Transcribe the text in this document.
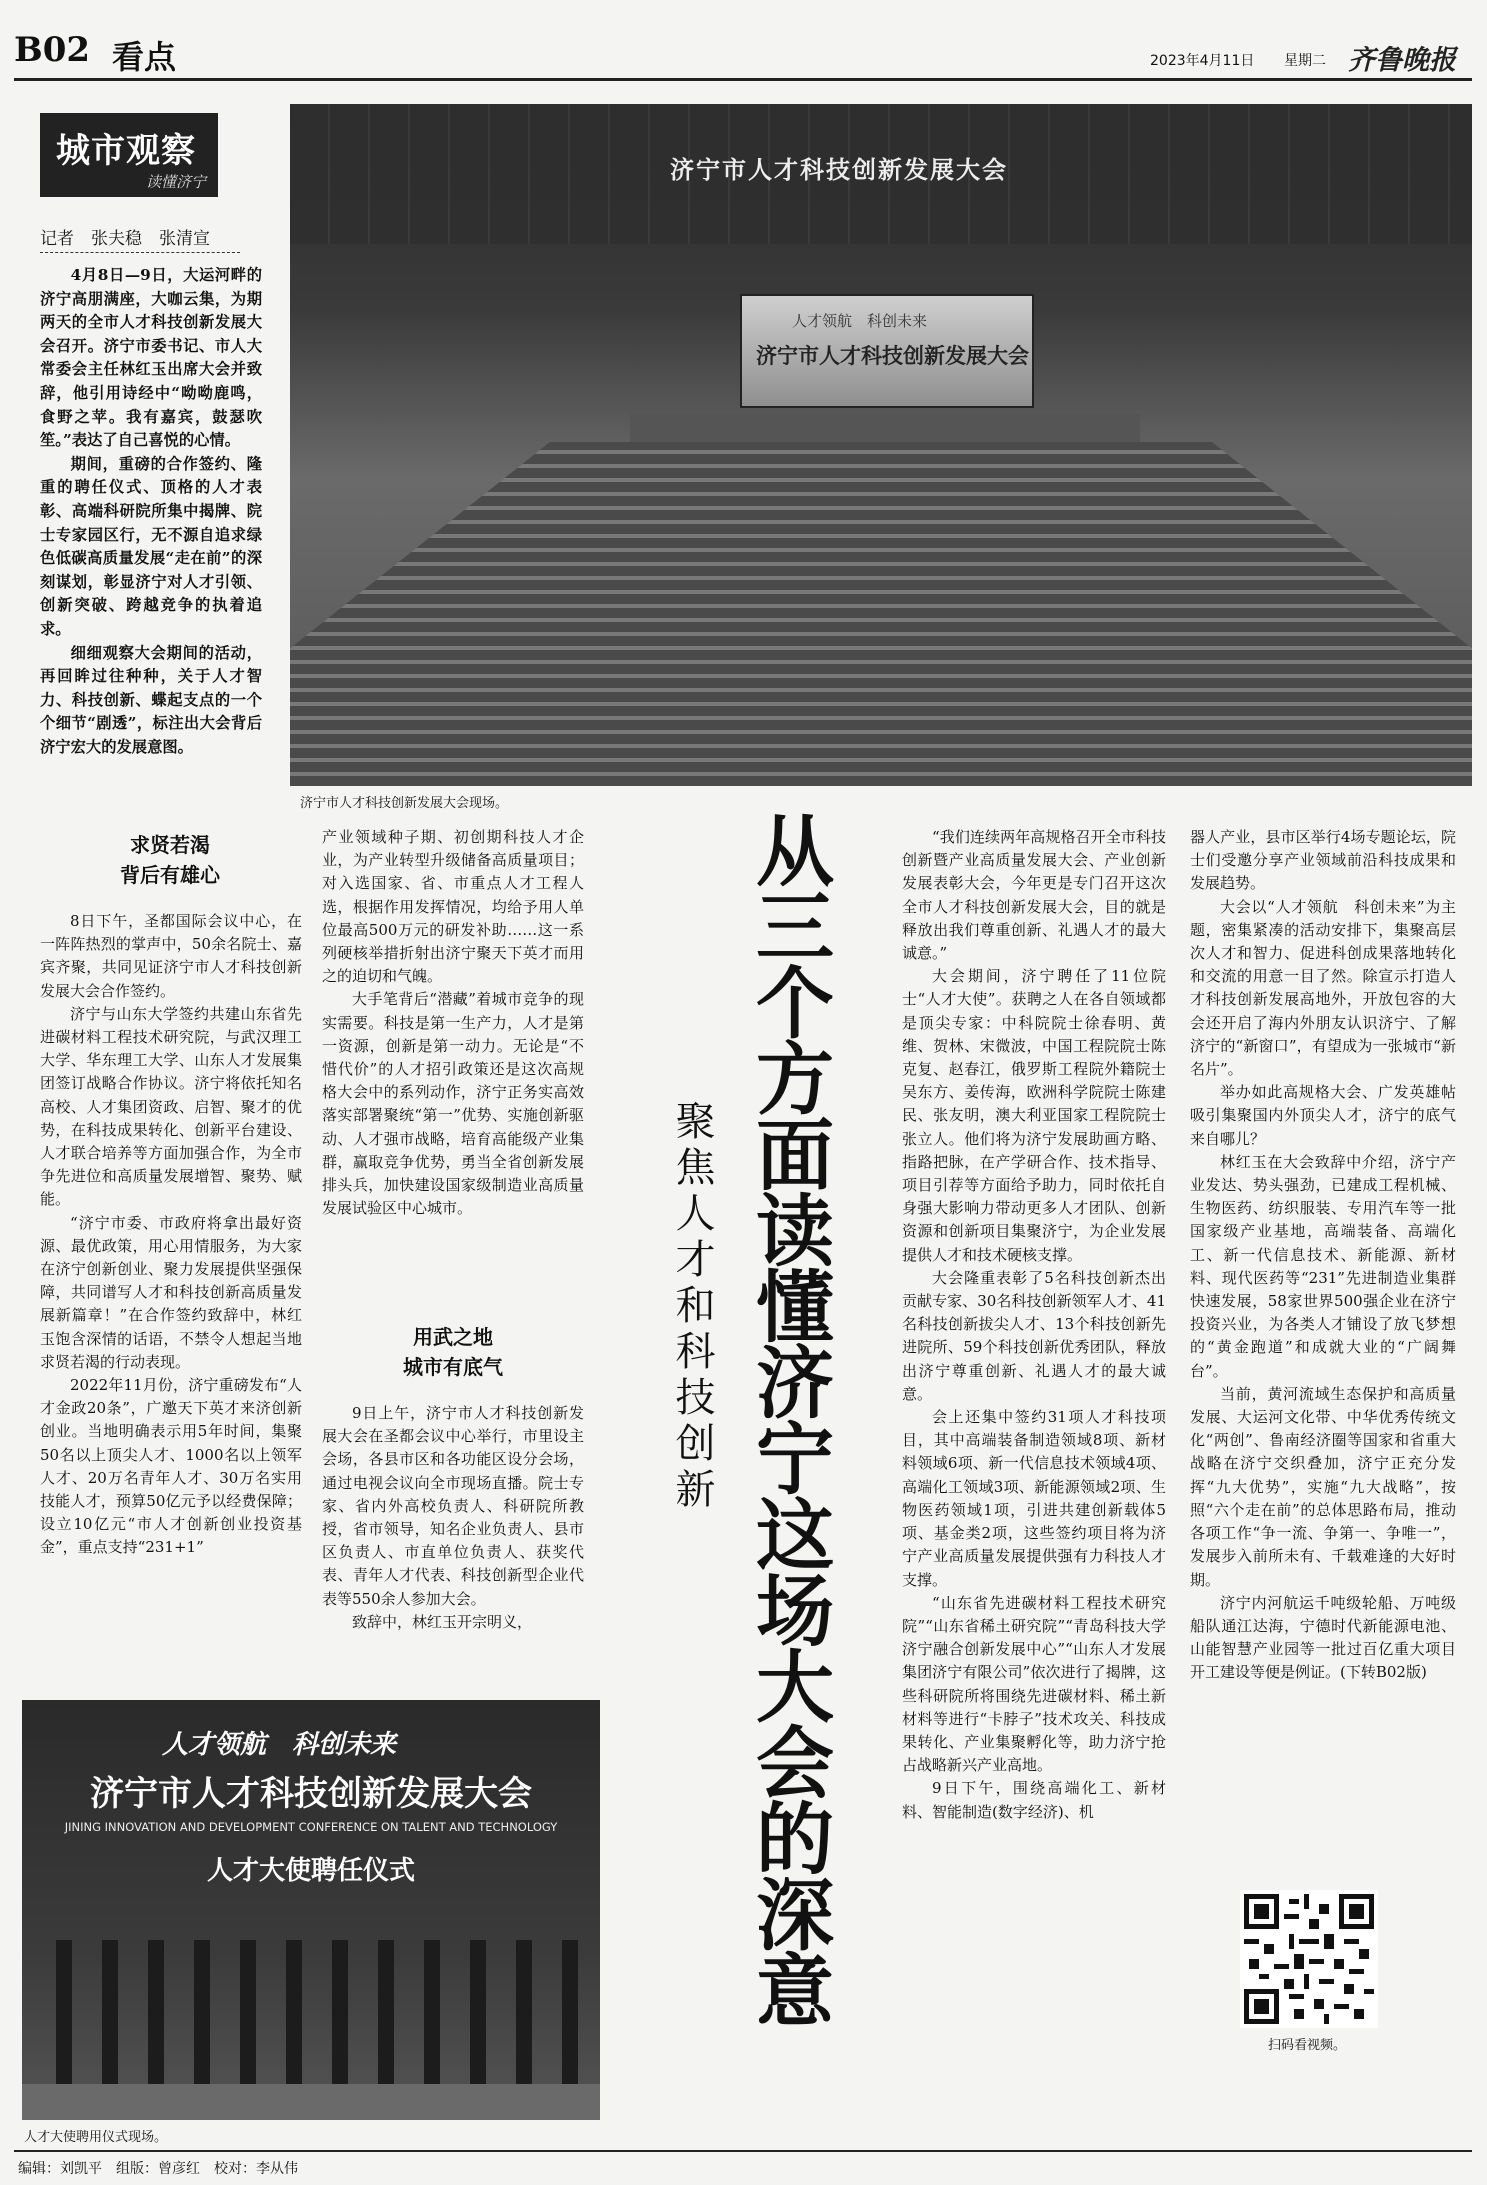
B02 看点	2023年4月11日 星期二 齐鲁晚报
城市观察
读懂济宁
记者　张夫稳　张清宣

4月8日—9日，大运河畔的济宁高朋满座，大咖云集，为期两天的全市人才科技创新发展大会召开。济宁市委书记、市人大常委会主任林红玉出席大会并致辞，他引用诗经中“呦呦鹿鸣，食野之苹。我有嘉宾，鼓瑟吹笙。”表达了自己喜悦的心情。

期间，重磅的合作签约、隆重的聘任仪式、顶格的人才表彰、高端科研院所集中揭牌、院士专家园区行，无不源自追求绿色低碳高质量发展“走在前”的深刻谋划，彰显济宁对人才引领、创新突破、跨越竞争的执着追求。

细细观察大会期间的活动，再回眸过往种种，关于人才智力、科技创新、蝶起支点的一个个细节“剧透”，标注出大会背后济宁宏大的发展意图。

济宁市人才科技创新发展大会
人才领航　科创未来
济宁市人才科技创新发展大会
济宁市人才科技创新发展大会现场。
求贤若渴
背后有雄心

8日下午，圣都国际会议中心，在一阵阵热烈的掌声中，50余名院士、嘉宾齐聚，共同见证济宁市人才科技创新发展大会合作签约。

济宁与山东大学签约共建山东省先进碳材料工程技术研究院，与武汉理工大学、华东理工大学、山东人才发展集团签订战略合作协议。济宁将依托知名高校、人才集团资政、启智、聚才的优势，在科技成果转化、创新平台建设、人才联合培养等方面加强合作，为全市争先进位和高质量发展增智、聚势、赋能。

“济宁市委、市政府将拿出最好资源、最优政策，用心用情服务，为大家在济宁创新创业、聚力发展提供坚强保障，共同谱写人才和科技创新高质量发展新篇章！”在合作签约致辞中，林红玉饱含深情的话语，不禁令人想起当地求贤若渴的行动表现。

2022年11月份，济宁重磅发布“人才金政20条”，广邀天下英才来济创新创业。当地明确表示用5年时间，集聚50名以上顶尖人才、1000名以上领军人才、20万名青年人才、30万名实用技能人才，预算50亿元予以经费保障；设立10亿元“市人才创新创业投资基金”，重点支持“231+1”

产业领域种子期、初创期科技人才企业，为产业转型升级储备高质量项目；对入选国家、省、市重点人才工程人选，根据作用发挥情况，均给予用人单位最高500万元的研发补助……这一系列硬核举措折射出济宁聚天下英才而用之的迫切和气魄。

大手笔背后“潜藏”着城市竞争的现实需要。科技是第一生产力，人才是第一资源，创新是第一动力。无论是“不惜代价”的人才招引政策还是这次高规格大会中的系列动作，济宁正务实高效落实部署聚统“第一”优势、实施创新驱动、人才强市战略，培育高能级产业集群，赢取竞争优势，勇当全省创新发展排头兵，加快建设国家级制造业高质量发展试验区中心城市。

用武之地
城市有底气

9日上午，济宁市人才科技创新发展大会在圣都会议中心举行，市里设主会场，各县市区和各功能区设分会场，通过电视会议向全市现场直播。院士专家、省内外高校负责人、科研院所教授，省市领导，知名企业负责人、县市区负责人、市直单位负责人、获奖代表、青年人才代表、科技创新型企业代表等550余人参加大会。

致辞中，林红玉开宗明义，

人才领航　科创未来
济宁市人才科技创新发展大会
JINING INNOVATION AND DEVELOPMENT CONFERENCE ON TALENT AND TECHNOLOGY
人才大使聘任仪式
人才大使聘用仪式现场。
从三个方面读懂济宁这场大会的深意
聚焦人才和科技创新

“我们连续两年高规格召开全市科技创新暨产业高质量发展大会、产业创新发展表彰大会，今年更是专门召开这次全市人才科技创新发展大会，目的就是释放出我们尊重创新、礼遇人才的最大诚意。”

大会期间，济宁聘任了11位院士“人才大使”。获聘之人在各自领域都是顶尖专家：中科院院士徐春明、黄维、贺林、宋微波，中国工程院院士陈克复、赵春江，俄罗斯工程院外籍院士吴东方、姜传海，欧洲科学院院士陈建民、张友明，澳大利亚国家工程院院士张立人。他们将为济宁发展助画方略、指路把脉，在产学研合作、技术指导、项目引荐等方面给予助力，同时依托自身强大影响力带动更多人才团队、创新资源和创新项目集聚济宁，为企业发展提供人才和技术硬核支撑。

大会隆重表彰了5名科技创新杰出贡献专家、30名科技创新领军人才、41名科技创新拔尖人才、13个科技创新先进院所、59个科技创新优秀团队，释放出济宁尊重创新、礼遇人才的最大诚意。

会上还集中签约31项人才科技项目，其中高端装备制造领域8项、新材料领域6项、新一代信息技术领域4项、高端化工领域3项、新能源领域2项、生物医药领域1项，引进共建创新载体5项、基金类2项，这些签约项目将为济宁产业高质量发展提供强有力科技人才支撑。

“山东省先进碳材料工程技术研究院”“山东省稀土研究院”“青岛科技大学济宁融合创新发展中心”“山东人才发展集团济宁有限公司”依次进行了揭牌，这些科研院所将围绕先进碳材料、稀土新材料等进行“卡脖子”技术攻关、科技成果转化、产业集聚孵化等，助力济宁抢占战略新兴产业高地。

9日下午，围绕高端化工、新材料、智能制造(数字经济)、机

器人产业，县市区举行4场专题论坛，院士们受邀分享产业领域前沿科技成果和发展趋势。

大会以“人才领航　科创未来”为主题，密集紧凑的活动安排下，集聚高层次人才和智力、促进科创成果落地转化和交流的用意一目了然。除宣示打造人才科技创新发展高地外，开放包容的大会还开启了海内外朋友认识济宁、了解济宁的“新窗口”，有望成为一张城市“新名片”。

举办如此高规格大会、广发英雄帖吸引集聚国内外顶尖人才，济宁的底气来自哪儿？

林红玉在大会致辞中介绍，济宁产业发达、势头强劲，已建成工程机械、生物医药、纺织服装、专用汽车等一批国家级产业基地，高端装备、高端化工、新一代信息技术、新能源、新材料、现代医药等“231”先进制造业集群快速发展，58家世界500强企业在济宁投资兴业，为各类人才铺设了放飞梦想的“黄金跑道”和成就大业的“广阔舞台”。

当前，黄河流域生态保护和高质量发展、大运河文化带、中华优秀传统文化“两创”、鲁南经济圈等国家和省重大战略在济宁交织叠加，济宁正充分发挥“九大优势”，实施“九大战略”，按照“六个走在前”的总体思路布局，推动各项工作“争一流、争第一、争唯一”，发展步入前所未有、千载难逢的大好时期。

济宁内河航运千吨级轮船、万吨级船队通江达海，宁德时代新能源电池、山能智慧产业园等一批过百亿重大项目开工建设等便是例证。(下转B02版)

扫码看视频。
编辑：刘凯平　组版：曾彦红　校对：李从伟
